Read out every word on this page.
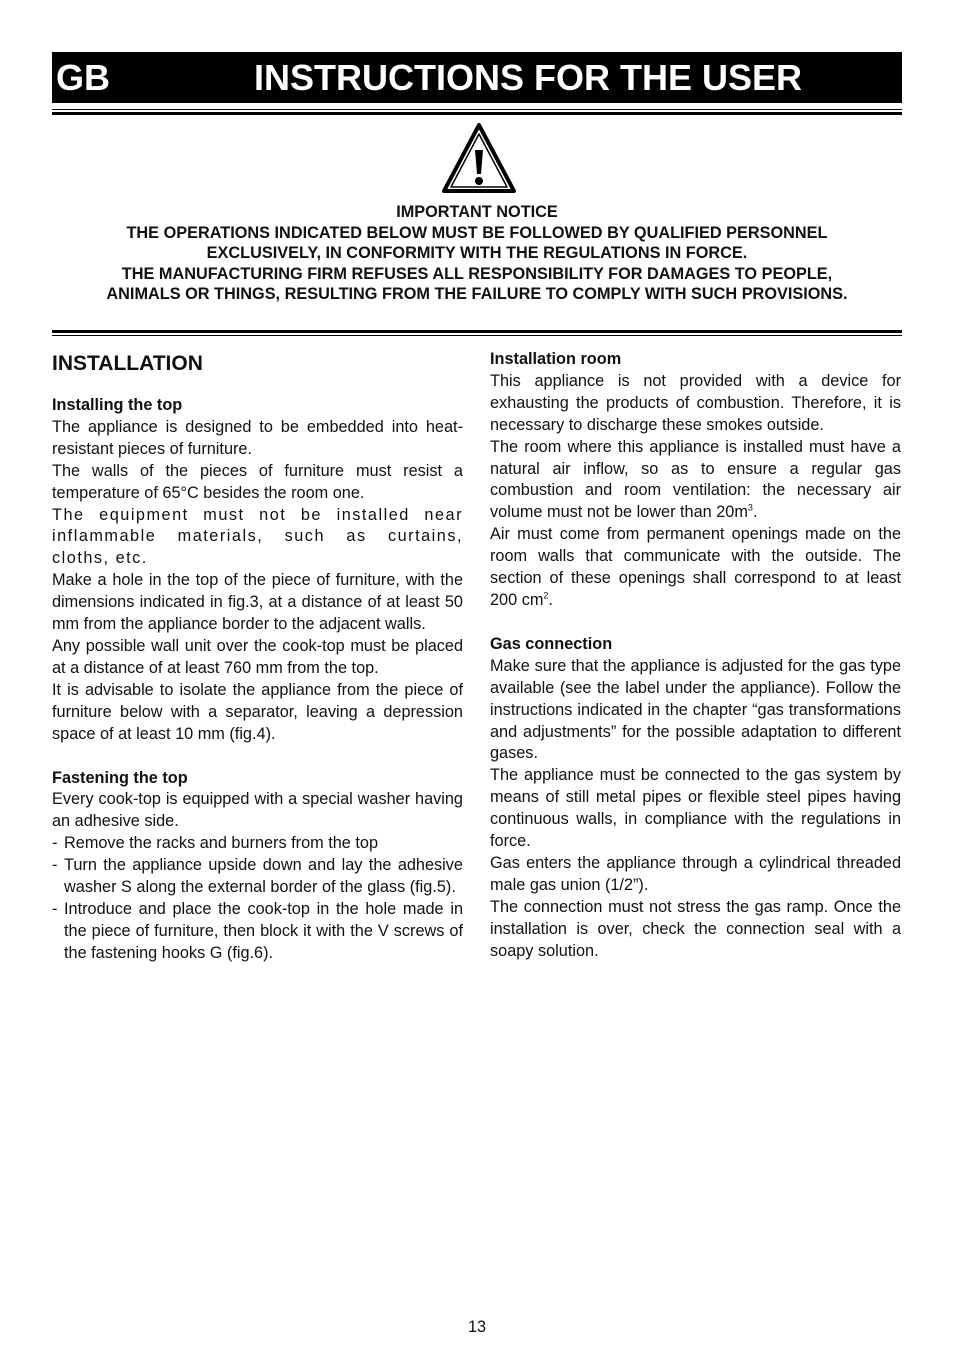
GB	INSTRUCTIONS FOR THE USER
IMPORTANT NOTICE
THE OPERATIONS INDICATED BELOW MUST BE FOLLOWED BY QUALIFIED PERSONNEL
EXCLUSIVELY, IN CONFORMITY WITH THE REGULATIONS IN FORCE.
THE MANUFACTURING FIRM REFUSES ALL RESPONSIBILITY FOR DAMAGES TO PEOPLE,
ANIMALS OR THINGS, RESULTING FROM THE FAILURE TO COMPLY WITH SUCH PROVISIONS.
INSTALLATION
Installing the top

The appliance is designed to be embedded into heat-resistant pieces of furniture.

The walls of the pieces of furniture must resist a temperature of 65°C besides the room one.

The equipment must not be installed near inflammable materials, such as curtains, cloths, etc.

Make a hole in the top of the piece of furniture, with the dimensions indicated in fig.3, at a distance of at least 50 mm from the appliance border to the adjacent walls.

Any possible wall unit over the cook-top must be placed at a distance of at least 760 mm from the top.

It is advisable to isolate the appliance from the piece of furniture below with a separator, leaving a depression space of at least 10 mm (fig.4).

Fastening the top

Every cook-top is equipped with a special washer having an adhesive side.

- Remove the racks and burners from the top
- Turn the appliance upside down and lay the adhesive washer S along the external border of the glass (fig.5).
- Introduce and place the cook-top in the hole made in the piece of furniture, then block it with the V screws of the fastening hooks G (fig.6).
Installation room

This appliance is not provided with a device for exhausting the products of combustion. Therefore, it is necessary to discharge these smokes outside.

The room where this appliance is installed must have a natural air inflow, so as to ensure a regular gas combustion and room ventilation: the necessary air volume must not be lower than $20m^3$.

Air must come from permanent openings made on the room walls that communicate with the outside. The section of these openings shall correspond to at least 200 $cm^2$.

Gas connection

Make sure that the appliance is adjusted for the gas type available (see the label under the appliance). Follow the instructions indicated in the chapter “gas transformations and adjustments” for the possible adaptation to different gases.

The appliance must be connected to the gas system by means of still metal pipes or flexible steel pipes having continuous walls, in compliance with the regulations in force.

Gas enters the appliance through a cylindrical threaded male gas union (1/2”).

The connection must not stress the gas ramp. Once the installation is over, check the connection seal with a soapy solution.

13
